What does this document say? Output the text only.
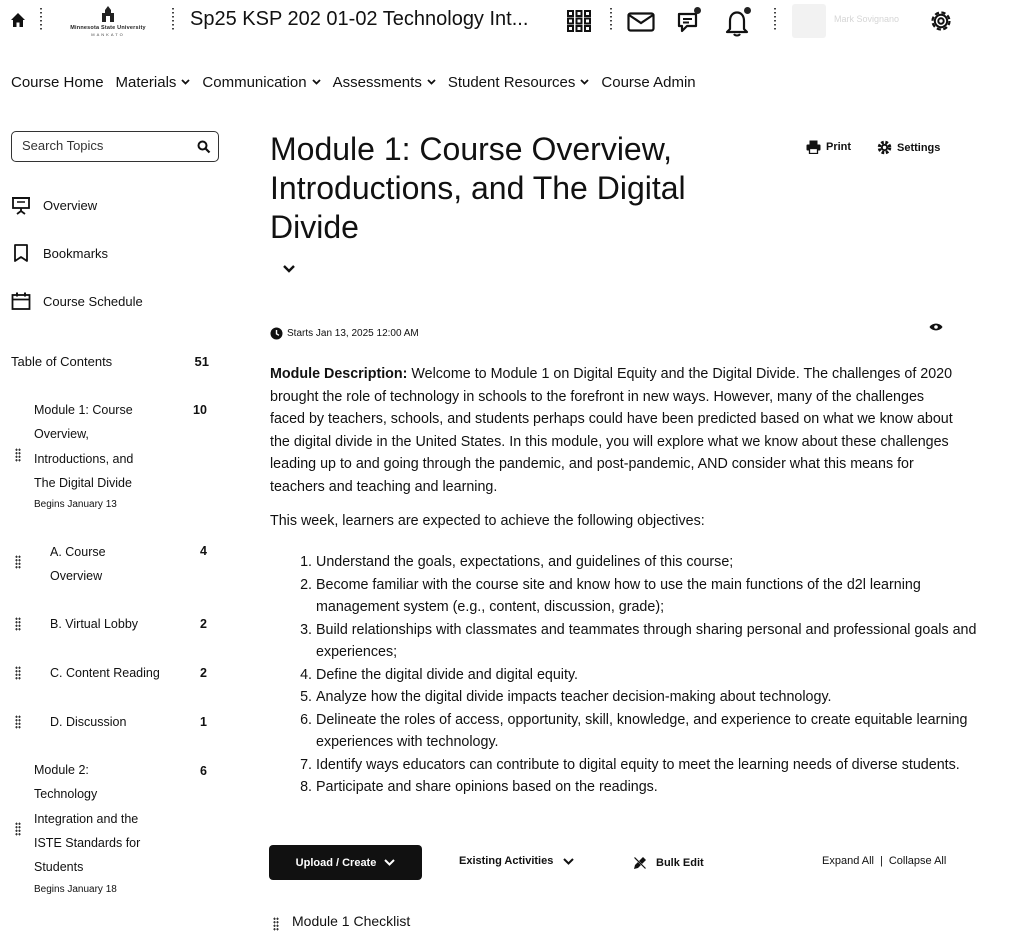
Minnesota State University
MANKATO
Sp25 KSP 202 01-02 Technology Int...	Mark Sovignano
Course Home Materials Communication Assessments Student Resources Course Admin
Search Topics
Overview
Bookmarks
Course Schedule
Table of Contents	51
Module 1: Course
Overview,
Introductions, and
The Digital Divide
10
Begins January 13
A. Course
Overview
4
B. Virtual Lobby	2
C. Content Reading	2
D. Discussion	1
Module 2:
Technology
Integration and the
ISTE Standards for
Students
6
Begins January 18
Module 1: Course Overview, Introductions, and The Digital Divide
Print	Settings
Starts Jan 13, 2025 12:00 AM

Module Description: Welcome to Module 1 on Digital Equity and the Digital Divide. The challenges of 2020 brought the role of technology in schools to the forefront in new ways. However, many of the challenges faced by teachers, schools, and students perhaps could have been predicted based on what we know about the digital divide in the United States. In this module, you will explore what we know about these challenges leading up to and going through the pandemic, and post-pandemic, AND consider what this means for teachers and teaching and learning.

This week, learners are expected to achieve the following objectives:
1. Understand the goals, expectations, and guidelines of this course;
2. Become familiar with the course site and know how to use the main functions of the d2l learning management system (e.g., content, discussion, grade);
3. Build relationships with classmates and teammates through sharing personal and professional goals and experiences;
4. Define the digital divide and digital equity.
5. Analyze how the digital divide impacts teacher decision-making about technology.
6. Delineate the roles of access, opportunity, skill, knowledge, and experience to create equitable learning experiences with technology.
7. Identify ways educators can contribute to digital equity to meet the learning needs of diverse students.
8. Participate and share opinions based on the readings.
Upload / Create	Existing Activities	Bulk Edit	Expand All | Collapse All
Module 1 Checklist
